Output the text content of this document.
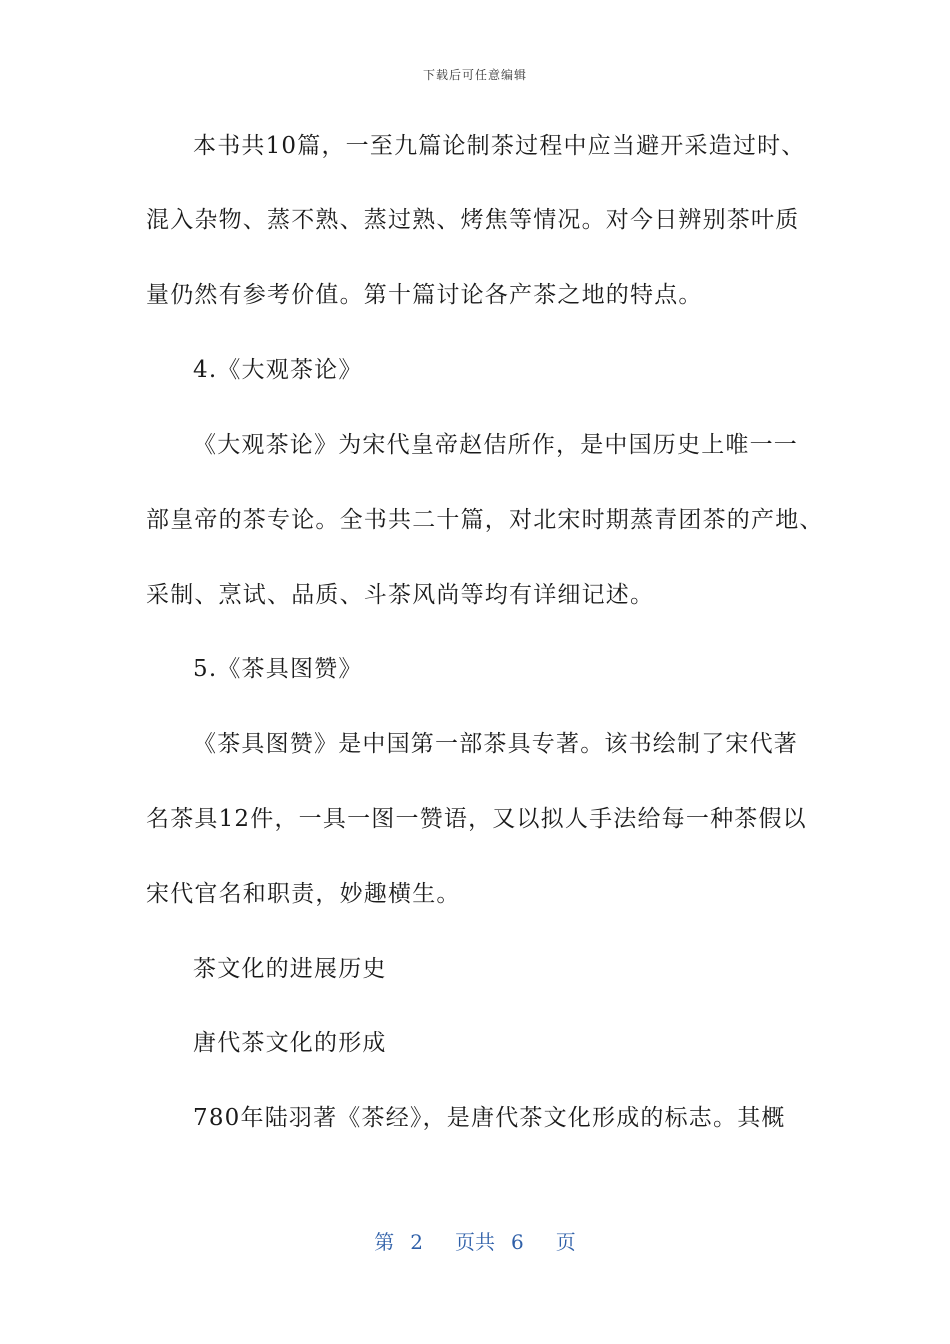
下载后可任意编辑
本书共10篇，一至九篇论制茶过程中应当避开采造过时、
混入杂物、蒸不熟、蒸过熟、烤焦等情况。对今日辨别茶叶质
量仍然有参考价值。第十篇讨论各产茶之地的特点。
4.《大观茶论》
《大观茶论》为宋代皇帝赵佶所作，是中国历史上唯一一
部皇帝的茶专论。全书共二十篇，对北宋时期蒸青团茶的产地、
采制、烹试、品质、斗茶风尚等均有详细记述。
5.《茶具图赞》
《茶具图赞》是中国第一部茶具专著。该书绘制了宋代著
名茶具12件，一具一图一赞语，又以拟人手法给每一种茶假以
宋代官名和职责，妙趣横生。
茶文化的进展历史
唐代茶文化的形成
780年陆羽著《茶经》，是唐代茶文化形成的标志。其概
第 2 页共 6 页
